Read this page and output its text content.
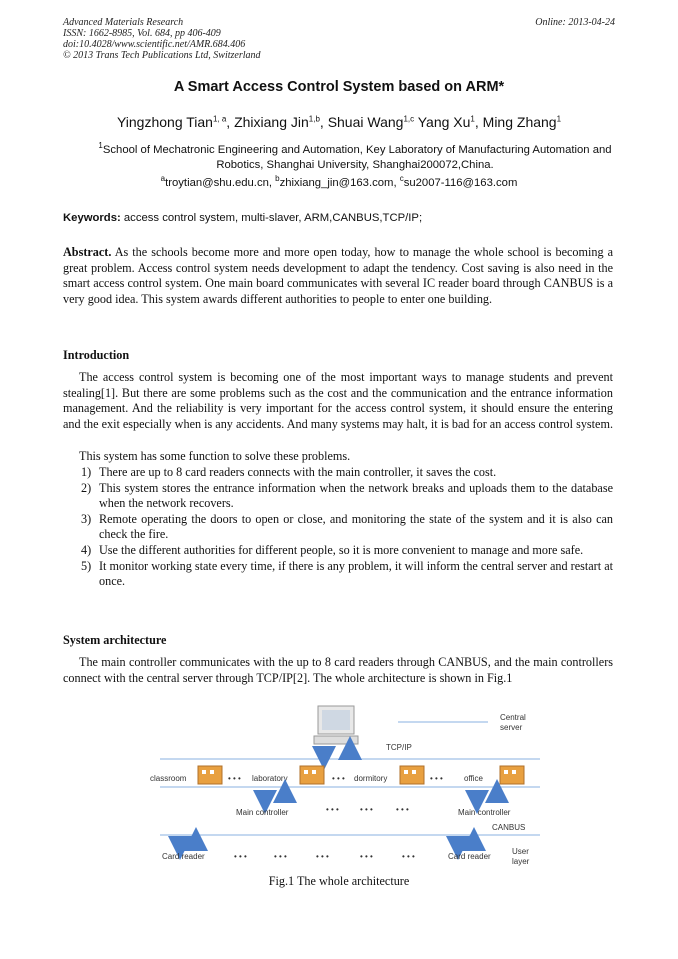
Advanced Materials Research
ISSN: 1662-8985, Vol. 684, pp 406-409
doi:10.4028/www.scientific.net/AMR.684.406
© 2013 Trans Tech Publications Ltd, Switzerland
Online: 2013-04-24
A Smart Access Control System based on ARM*
Yingzhong Tian$^{1, a}$, Zhixiang Jin$^{1,b}$, Shuai Wang$^{1,c}$ Yang Xu$^1$, Ming Zhang$^1$
$^1$School of Mechatronic Engineering and Automation, Key Laboratory of Manufacturing Automation and Robotics, Shanghai University, Shanghai200072,China.
$^a$troytian@shu.edu.cn, $^b$zhixiang_jin@163.com, $^c$su2007-116@163.com
Keywords: access control system, multi-slaver, ARM,CANBUS,TCP/IP;
Abstract. As the schools become more and more open today, how to manage the whole school is becoming a great problem. Access control system needs development to adapt the tendency. Cost saving is also need in the smart access control system. One main board communicates with several IC reader board through CANBUS is a very good idea. This system awards different authorities to people to enter one building.
Introduction
The access control system is becoming one of the most important ways to manage students and prevent stealing[1]. But there are some problems such as the cost and the communication and the entrance information management. And the reliability is very important for the access control system, it should ensure the entering and the exit especially when is any accidents. And many systems may halt, it is bad for an access control system.
This system has some function to solve these problems.
1) There are up to 8 card readers connects with the main controller, it saves the cost.
2) This system stores the entrance information when the network breaks and uploads them to the database when the network recovers.
3) Remote operating the doors to open or close, and monitoring the state of the system and it is also can check the fire.
4) Use the different authorities for different people, so it is more convenient to manage and more safe.
5) It monitor working state every time, if there is any problem, it will inform the central server and restart at once.
System architecture
The main controller communicates with the up to 8 card readers through CANBUS, and the main controllers connect with the central server through TCP/IP[2]. The whole architecture is shown in Fig.1
Central
server
TCP/IP
classroom	• • • laboratory	• • • dormitory	• • •	office
Main controller	• • •	• • •	• • •	Main controller
CANBUS
Card reader	• • •	• • •	• • •	• • •	• • •	Card reader
User
layer
Fig.1 The whole architecture
